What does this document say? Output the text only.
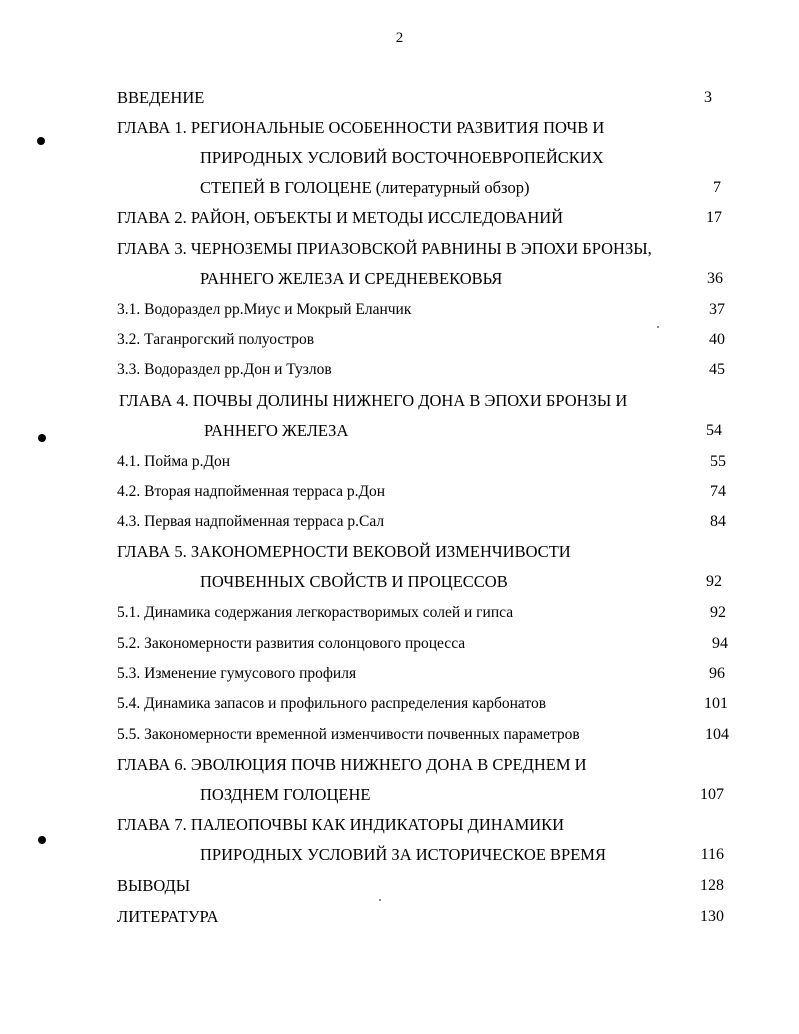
2
ВВЕДЕНИЕ	3
ГЛАВА 1. РЕГИОНАЛЬНЫЕ ОСОБЕННОСТИ РАЗВИТИЯ ПОЧВ И
ПРИРОДНЫХ УСЛОВИЙ ВОСТОЧНОЕВРОПЕЙСКИХ
СТЕПЕЙ В ГОЛОЦЕНЕ (литературный обзор)	7
ГЛАВА 2. РАЙОН, ОБЪЕКТЫ И МЕТОДЫ ИССЛЕДОВАНИЙ	17
ГЛАВА 3. ЧЕРНОЗЕМЫ ПРИАЗОВСКОЙ РАВНИНЫ В ЭПОХИ БРОНЗЫ,
РАННЕГО ЖЕЛЕЗА И СРЕДНЕВЕКОВЬЯ	36
3.1. Водораздел рр.Миус и Мокрый Еланчик	37
3.2. Таганрогский полуостров	40
3.3. Водораздел рр.Дон и Тузлов	45
ГЛАВА 4. ПОЧВЫ ДОЛИНЫ НИЖНЕГО ДОНА В ЭПОХИ БРОНЗЫ И
РАННЕГО ЖЕЛЕЗА	54
4.1. Пойма р.Дон	55
4.2. Вторая надпойменная терраса р.Дон	74
4.3. Первая надпойменная терраса р.Сал	84
ГЛАВА 5. ЗАКОНОМЕРНОСТИ ВЕКОВОЙ ИЗМЕНЧИВОСТИ
ПОЧВЕННЫХ СВОЙСТВ И ПРОЦЕССОВ	92
5.1. Динамика содержания легкорастворимых солей и гипса	92
5.2. Закономерности развития солонцового процесса	94
5.3. Изменение гумусового профиля	96
5.4. Динамика запасов и профильного распределения карбонатов	101
5.5. Закономерности временной изменчивости почвенных параметров	104
ГЛАВА 6. ЭВОЛЮЦИЯ ПОЧВ НИЖНЕГО ДОНА В СРЕДНЕМ И
ПОЗДНЕМ ГОЛОЦЕНЕ	107
ГЛАВА 7. ПАЛЕОПОЧВЫ КАК ИНДИКАТОРЫ ДИНАМИКИ
ПРИРОДНЫХ УСЛОВИЙ ЗА ИСТОРИЧЕСКОЕ ВРЕМЯ	116
ВЫВОДЫ	128
ЛИТЕРАТУРА	130
